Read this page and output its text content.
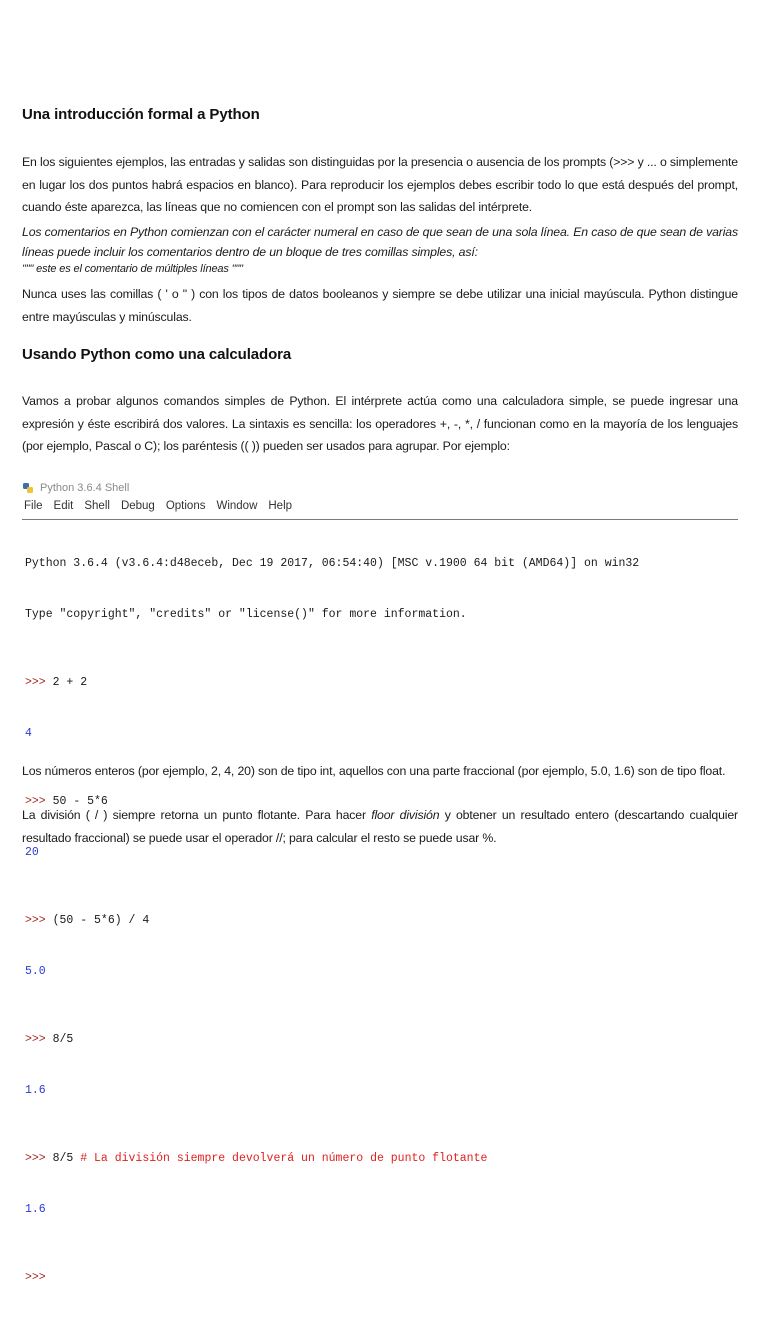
Una introducción formal a Python

En los siguientes ejemplos, las entradas y salidas son distinguidas por la presencia o ausencia de los prompts (>>> y ... o simplemente en lugar los dos puntos habrá espacios en blanco). Para reproducir los ejemplos debes escribir todo lo que está después del prompt, cuando éste aparezca, las líneas que no comiencen con el prompt son las salidas del intérprete.

Los comentarios en Python comienzan con el carácter numeral en caso de que sean de una sola línea. En caso de que sean de varias líneas puede incluir los comentarios dentro de un bloque de tres comillas simples, así:

""" este es el comentario de múltiples líneas """

Nunca uses las comillas ( ' o " ) con los tipos de datos booleanos y siempre se debe utilizar una inicial mayúscula. Python distingue entre mayúsculas y minúsculas.

Usando Python como una calculadora

Vamos a probar algunos comandos simples de Python. El intérprete actúa como una calculadora simple, se puede ingresar una expresión y éste escribirá dos valores. La sintaxis es sencilla: los operadores +, -, *, / funcionan como en la mayoría de los lenguajes (por ejemplo, Pascal o C); los paréntesis (( )) pueden ser usados para agrupar. Por ejemplo:

Python 3.6.4 Shell
File Edit Shell Debug Options Window Help

Python 3.6.4 (v3.6.4:d48eceb, Dec 19 2017, 06:54:40) [MSC v.1900 64 bit (AMD64)] on win32

Type "copyright", "credits" or "license()" for more information.

>>> 2 + 2

4

>>> 50 - 5*6

20

>>> (50 - 5*6) / 4

5.0

>>> 8/5

1.6

>>> 8/5 # La división siempre devolverá un número de punto flotante

1.6

>>>

Los números enteros (por ejemplo, 2, 4, 20) son de tipo int, aquellos con una parte fraccional (por ejemplo, 5.0, 1.6) son de tipo float.

La división ( / ) siempre retorna un punto flotante. Para hacer floor división y obtener un resultado entero (descartando cualquier resultado fraccional) se puede usar el operador //; para calcular el resto se puede usar %.
